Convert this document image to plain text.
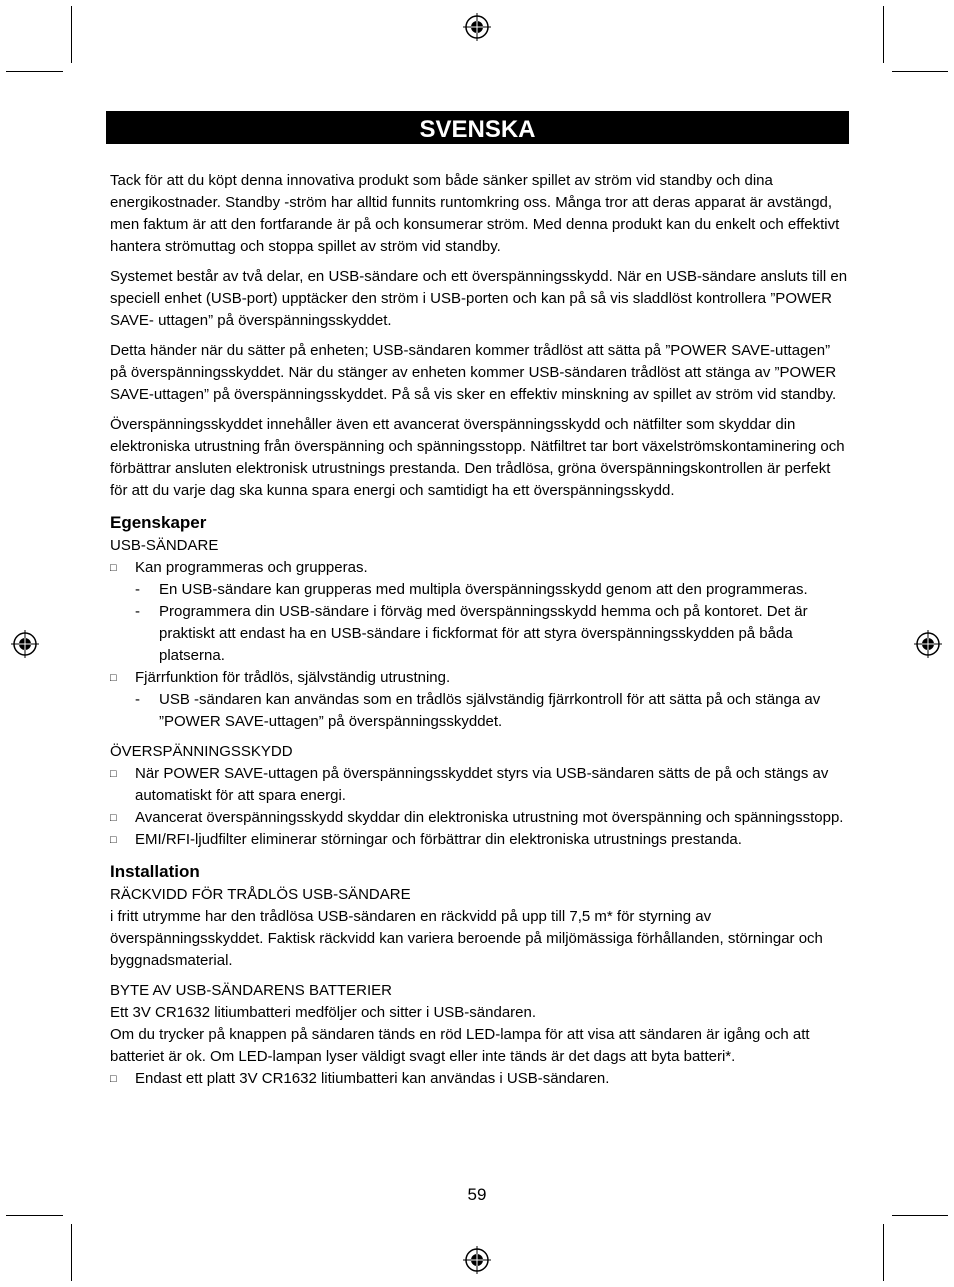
SVENSKA

Tack för att du köpt denna innovativa produkt som både sänker spillet av ström vid standby och dina energikostnader. Standby -ström har alltid funnits runtomkring oss. Många tror att deras apparat är avstängd, men faktum är att den fortfarande är på och konsumerar ström. Med denna produkt kan du enkelt och effektivt hantera strömuttag och stoppa spillet av ström vid standby.

Systemet består av två delar, en USB-sändare och ett överspänningsskydd. När en USB-sändare ansluts till en speciell enhet (USB-port) upptäcker den ström i USB-porten och kan på så vis sladdlöst kontrollera ”POWER SAVE- uttagen” på överspänningsskyddet.

Detta händer när du sätter på enheten; USB-sändaren kommer trådlöst att sätta på ”POWER SAVE-uttagen” på överspänningsskyddet. När du stänger av enheten kommer USB-sändaren trådlöst att stänga av ”POWER SAVE-uttagen” på överspänningsskyddet. På så vis sker en effektiv minskning av spillet av ström vid standby.

Överspänningsskyddet innehåller även ett avancerat överspänningsskydd och nätfilter som skyddar din elektroniska utrustning från överspänning och spänningsstopp. Nätfiltret tar bort växelströmskontaminering och förbättrar ansluten elektronisk utrustnings prestanda. Den trådlösa, gröna överspänningskontrollen är perfekt för att du varje dag ska kunna spara energi och samtidigt ha ett överspänningsskydd.

Egenskaper
USB-SÄNDARE
□ Kan programmeras och grupperas.
- En USB-sändare kan grupperas med multipla överspänningsskydd genom att den programmeras.
- Programmera din USB-sändare i förväg med överspänningsskydd hemma och på kontoret. Det är praktiskt att endast ha en USB-sändare i fickformat för att styra överspänningsskydden på båda platserna.
□ Fjärrfunktion för trådlös, självständig utrustning.
- USB -sändaren kan användas som en trådlös självständig fjärrkontroll för att sätta på och stänga av ”POWER SAVE-uttagen” på överspänningsskyddet.
ÖVERSPÄNNINGSSKYDD
□ När POWER SAVE-uttagen på överspänningsskyddet styrs via USB-sändaren sätts de på och stängs av automatiskt för att spara energi.
□ Avancerat överspänningsskydd skyddar din elektroniska utrustning mot överspänning och spänningsstopp.
□ EMI/RFI-ljudfilter eliminerar störningar och förbättrar din elektroniska utrustnings prestanda.
Installation
RÄCKVIDD FÖR TRÅDLÖS USB-SÄNDARE

i fritt utrymme har den trådlösa USB-sändaren en räckvidd på upp till 7,5 m* för styrning av överspänningsskyddet. Faktisk räckvidd kan variera beroende på miljömässiga förhållanden, störningar och byggnadsmaterial.

BYTE AV USB-SÄNDARENS BATTERIER
Ett 3V CR1632 litiumbatteri medföljer och sitter i USB-sändaren.
Om du trycker på knappen på sändaren tänds en röd LED-lampa för att visa att sändaren är igång och att batteriet är ok. Om LED-lampan lyser väldigt svagt eller inte tänds är det dags att byta batteri*.
□ Endast ett platt 3V CR1632 litiumbatteri kan användas i USB-sändaren.
59
